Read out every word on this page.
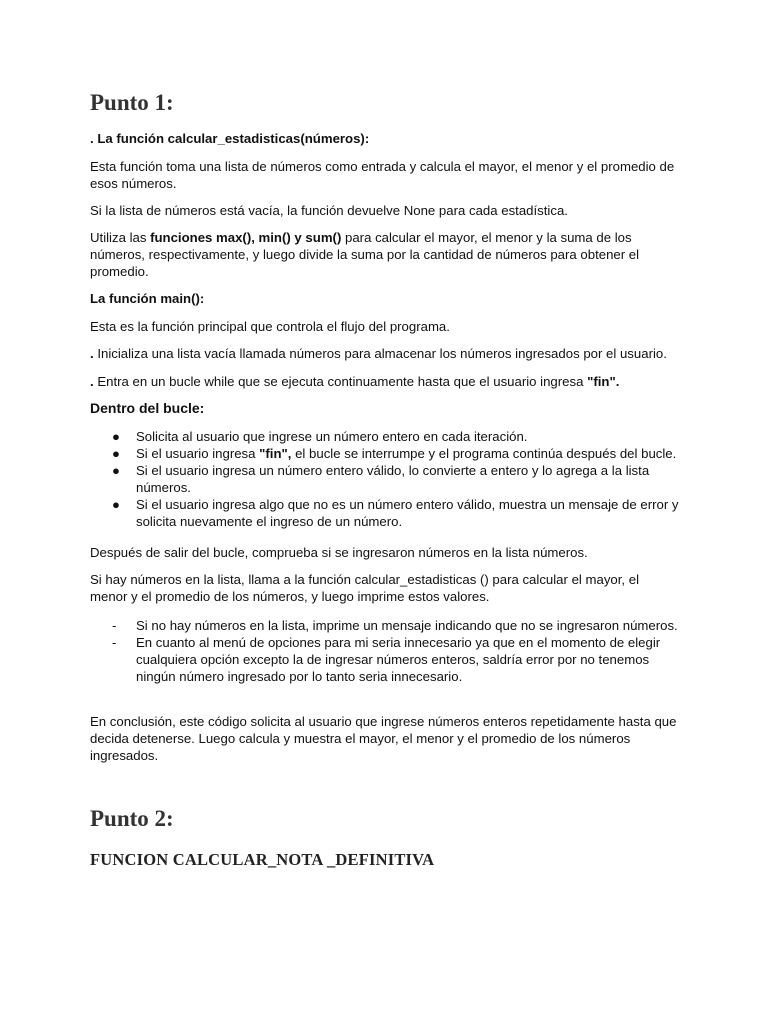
Punto 1:

. La función calcular_estadisticas(números):

Esta función toma una lista de números como entrada y calcula el mayor, el menor y el promedio de esos números.

Si la lista de números está vacía, la función devuelve None para cada estadística.

Utiliza las funciones max(), min() y sum() para calcular el mayor, el menor y la suma de los números, respectivamente, y luego divide la suma por la cantidad de números para obtener el promedio.

La función main():

Esta es la función principal que controla el flujo del programa.

. Inicializa una lista vacía llamada números para almacenar los números ingresados por el usuario.

. Entra en un bucle while que se ejecuta continuamente hasta que el usuario ingresa "fin".

Dentro del bucle:

●	Solicita al usuario que ingrese un número entero en cada iteración.
●	Si el usuario ingresa "fin", el bucle se interrumpe y el programa continúa después del bucle.
●	Si el usuario ingresa un número entero válido, lo convierte a entero y lo agrega a la lista números.
●	Si el usuario ingresa algo que no es un número entero válido, muestra un mensaje de error y solicita nuevamente el ingreso de un número.

Después de salir del bucle, comprueba si se ingresaron números en la lista números.

Si hay números en la lista, llama a la función calcular_estadisticas () para calcular el mayor, el menor y el promedio de los números, y luego imprime estos valores.

-	Si no hay números en la lista, imprime un mensaje indicando que no se ingresaron números.
-	En cuanto al menú de opciones para mi seria innecesario ya que en el momento de elegir cualquiera opción excepto la de ingresar números enteros, saldría error por no tenemos ningún número ingresado por lo tanto seria innecesario.

En conclusión, este código solicita al usuario que ingrese números enteros repetidamente hasta que decida detenerse. Luego calcula y muestra el mayor, el menor y el promedio de los números ingresados.

Punto 2:
FUNCION CALCULAR_NOTA _DEFINITIVA
